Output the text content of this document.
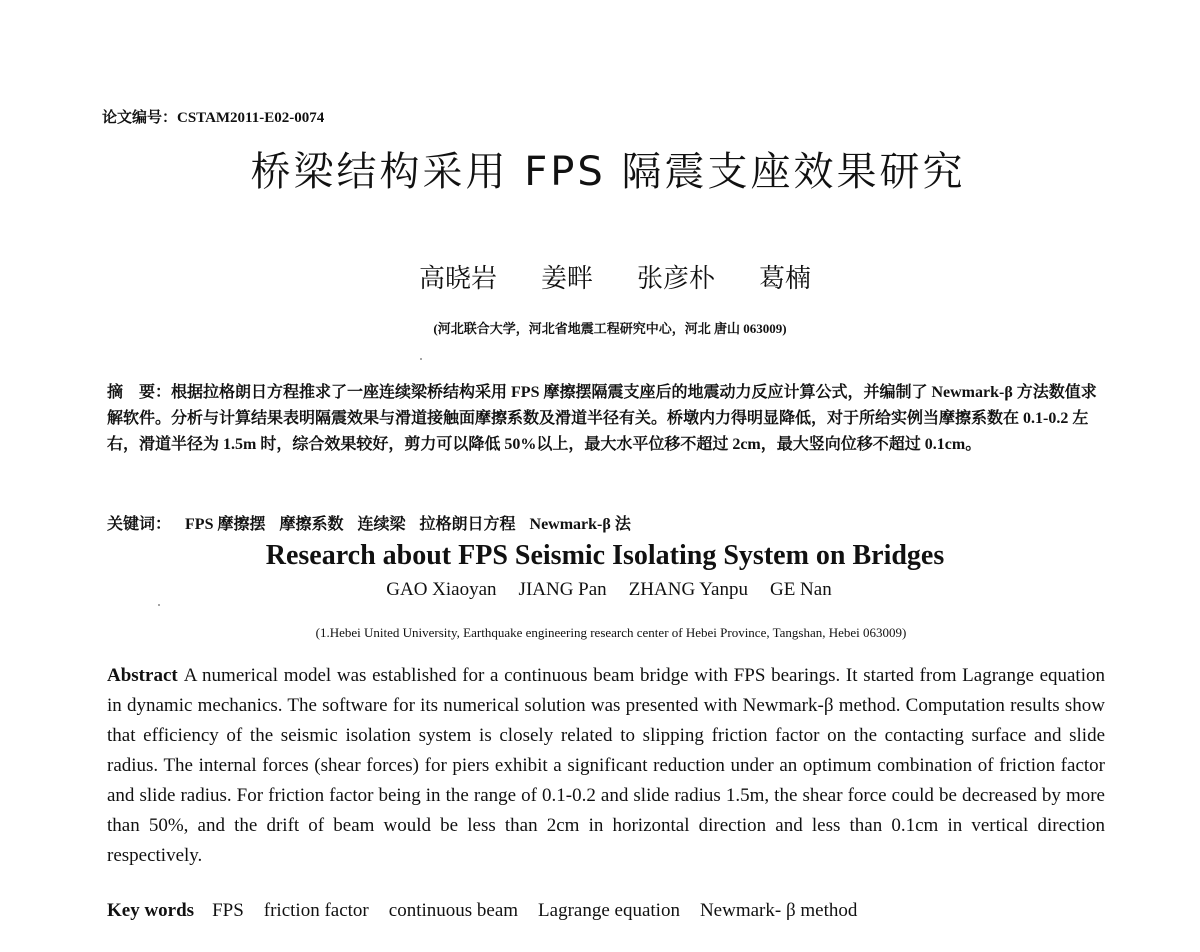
论文编号：CSTAM2011-E02-0074
桥梁结构采用 FPS 隔震支座效果研究
高晓岩 姜畔 张彦朴 葛楠
(河北联合大学，河北省地震工程研究中心，河北 唐山 063009)
摘　要：根据拉格朗日方程推求了一座连续梁桥结构采用 FPS 摩擦摆隔震支座后的地震动力反应计算公式，并编制了 Newmark-β 方法数值求解软件。分析与计算结果表明隔震效果与滑道接触面摩擦系数及滑道半径有关。桥墩内力得明显降低，对于所给实例当摩擦系数在 0.1-0.2 左右，滑道半径为 1.5m 时，综合效果较好，剪力可以降低 50%以上，最大水平位移不超过 2cm，最大竖向位移不超过 0.1cm。
关键词： FPS 摩擦摆 摩擦系数 连续梁 拉格朗日方程 Newmark-β 法
Research about FPS Seismic Isolating System on Bridges
GAO Xiaoyan JIANG Pan ZHANG Yanpu GE Nan
(1.Hebei United University, Earthquake engineering research center of Hebei Province, Tangshan, Hebei 063009)
Abstract A numerical model was established for a continuous beam bridge with FPS bearings. It started from Lagrange equation in dynamic mechanics. The software for its numerical solution was presented with Newmark-β method. Computation results show that efficiency of the seismic isolation system is closely related to slipping friction factor on the contacting surface and slide radius. The internal forces (shear forces) for piers exhibit a significant reduction under an optimum combination of friction factor and slide radius. For friction factor being in the range of 0.1-0.2 and slide radius 1.5m, the shear force could be decreased by more than 50%, and the drift of beam would be less than 2cm in horizontal direction and less than 0.1cm in vertical direction respectively.
Key words FPS friction factor continuous beam Lagrange equation Newmark- β method
